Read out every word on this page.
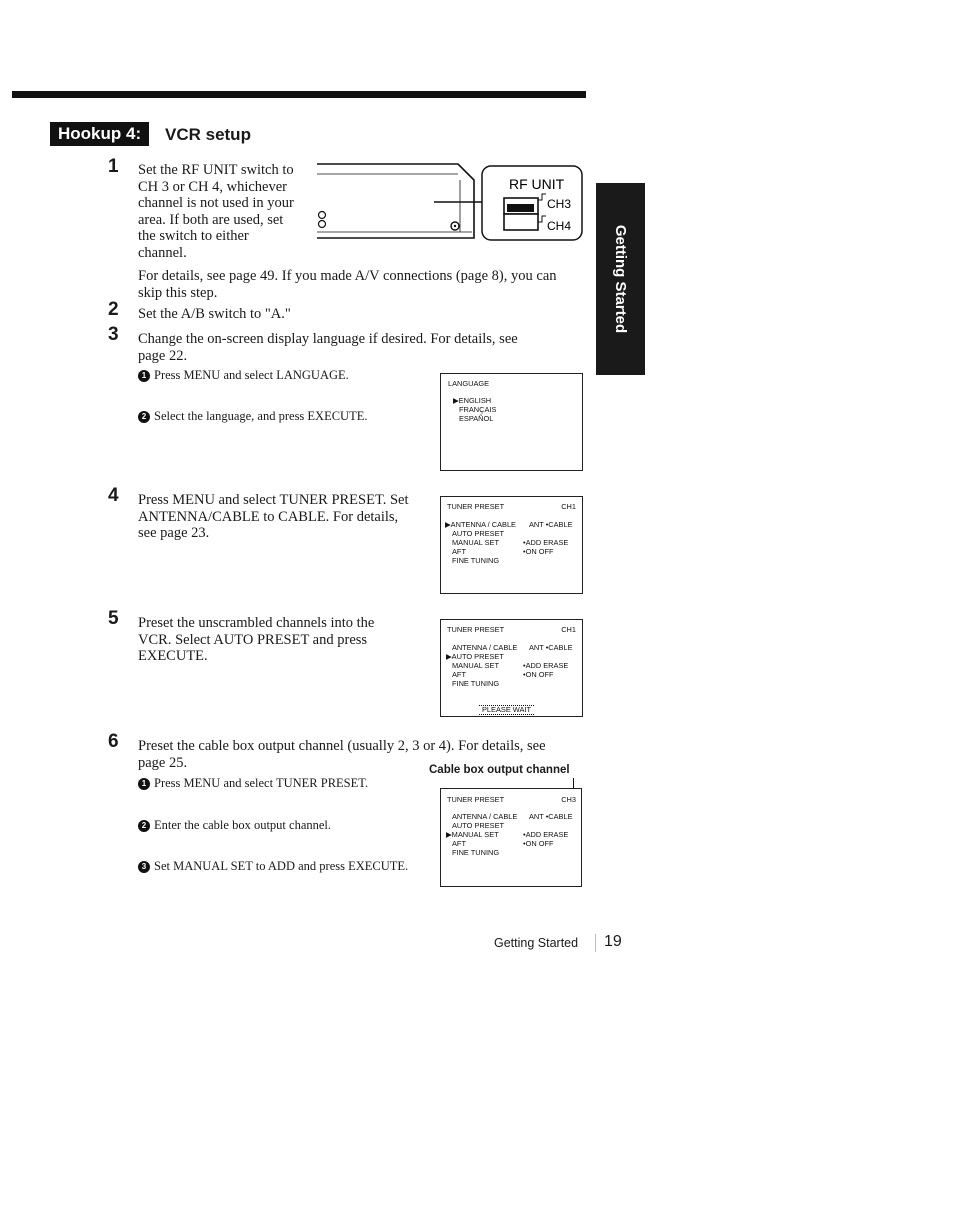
Hookup 4:	VCR setup
Getting Started
1 Set the RF UNIT switch to
CH 3 or CH 4, whichever
channel is not used in your
area. If both are used, set
the switch to either
channel.
RF UNIT
CH3
CH4
For details, see page 49. If you made A/V connections (page 8), you can
skip this step.
2 Set the A/B switch to "A."
3 Change the on-screen display language if desired. For details, see
page 22.
1 Press MENU and select LANGUAGE.
2 Select the language, and press EXECUTE.
LANGUAGE
▶ENGLISH
FRANÇAIS
ESPAÑOL
4 Press MENU and select TUNER PRESET. Set
ANTENNA/CABLE to CABLE. For details,
see page 23.
TUNER PRESET	CH1
▶ANTENNA / CABLE ANT •CABLE
AUTO PRESET
MANUAL SET	•ADD ERASE
AFT	•ON OFF
FINE TUNING
5 Preset the unscrambled channels into the
VCR. Select AUTO PRESET and press
EXECUTE.
TUNER PRESET	CH1
ANTENNA / CABLE ANT •CABLE
▶AUTO PRESET
MANUAL SET	•ADD ERASE
AFT	•ON OFF
FINE TUNING
PLEASE WAIT
6 Preset the cable box output channel (usually 2, 3 or 4). For details, see
page 25.
1 Press MENU and select TUNER PRESET.
2 Enter the cable box output channel.
3 Set MANUAL SET to ADD and press EXECUTE.
Cable box output channel
TUNER PRESET	CH3
ANTENNA / CABLE ANT •CABLE
AUTO PRESET
▶MANUAL SET	•ADD ERASE
AFT	•ON OFF
FINE TUNING
Getting Started 19
